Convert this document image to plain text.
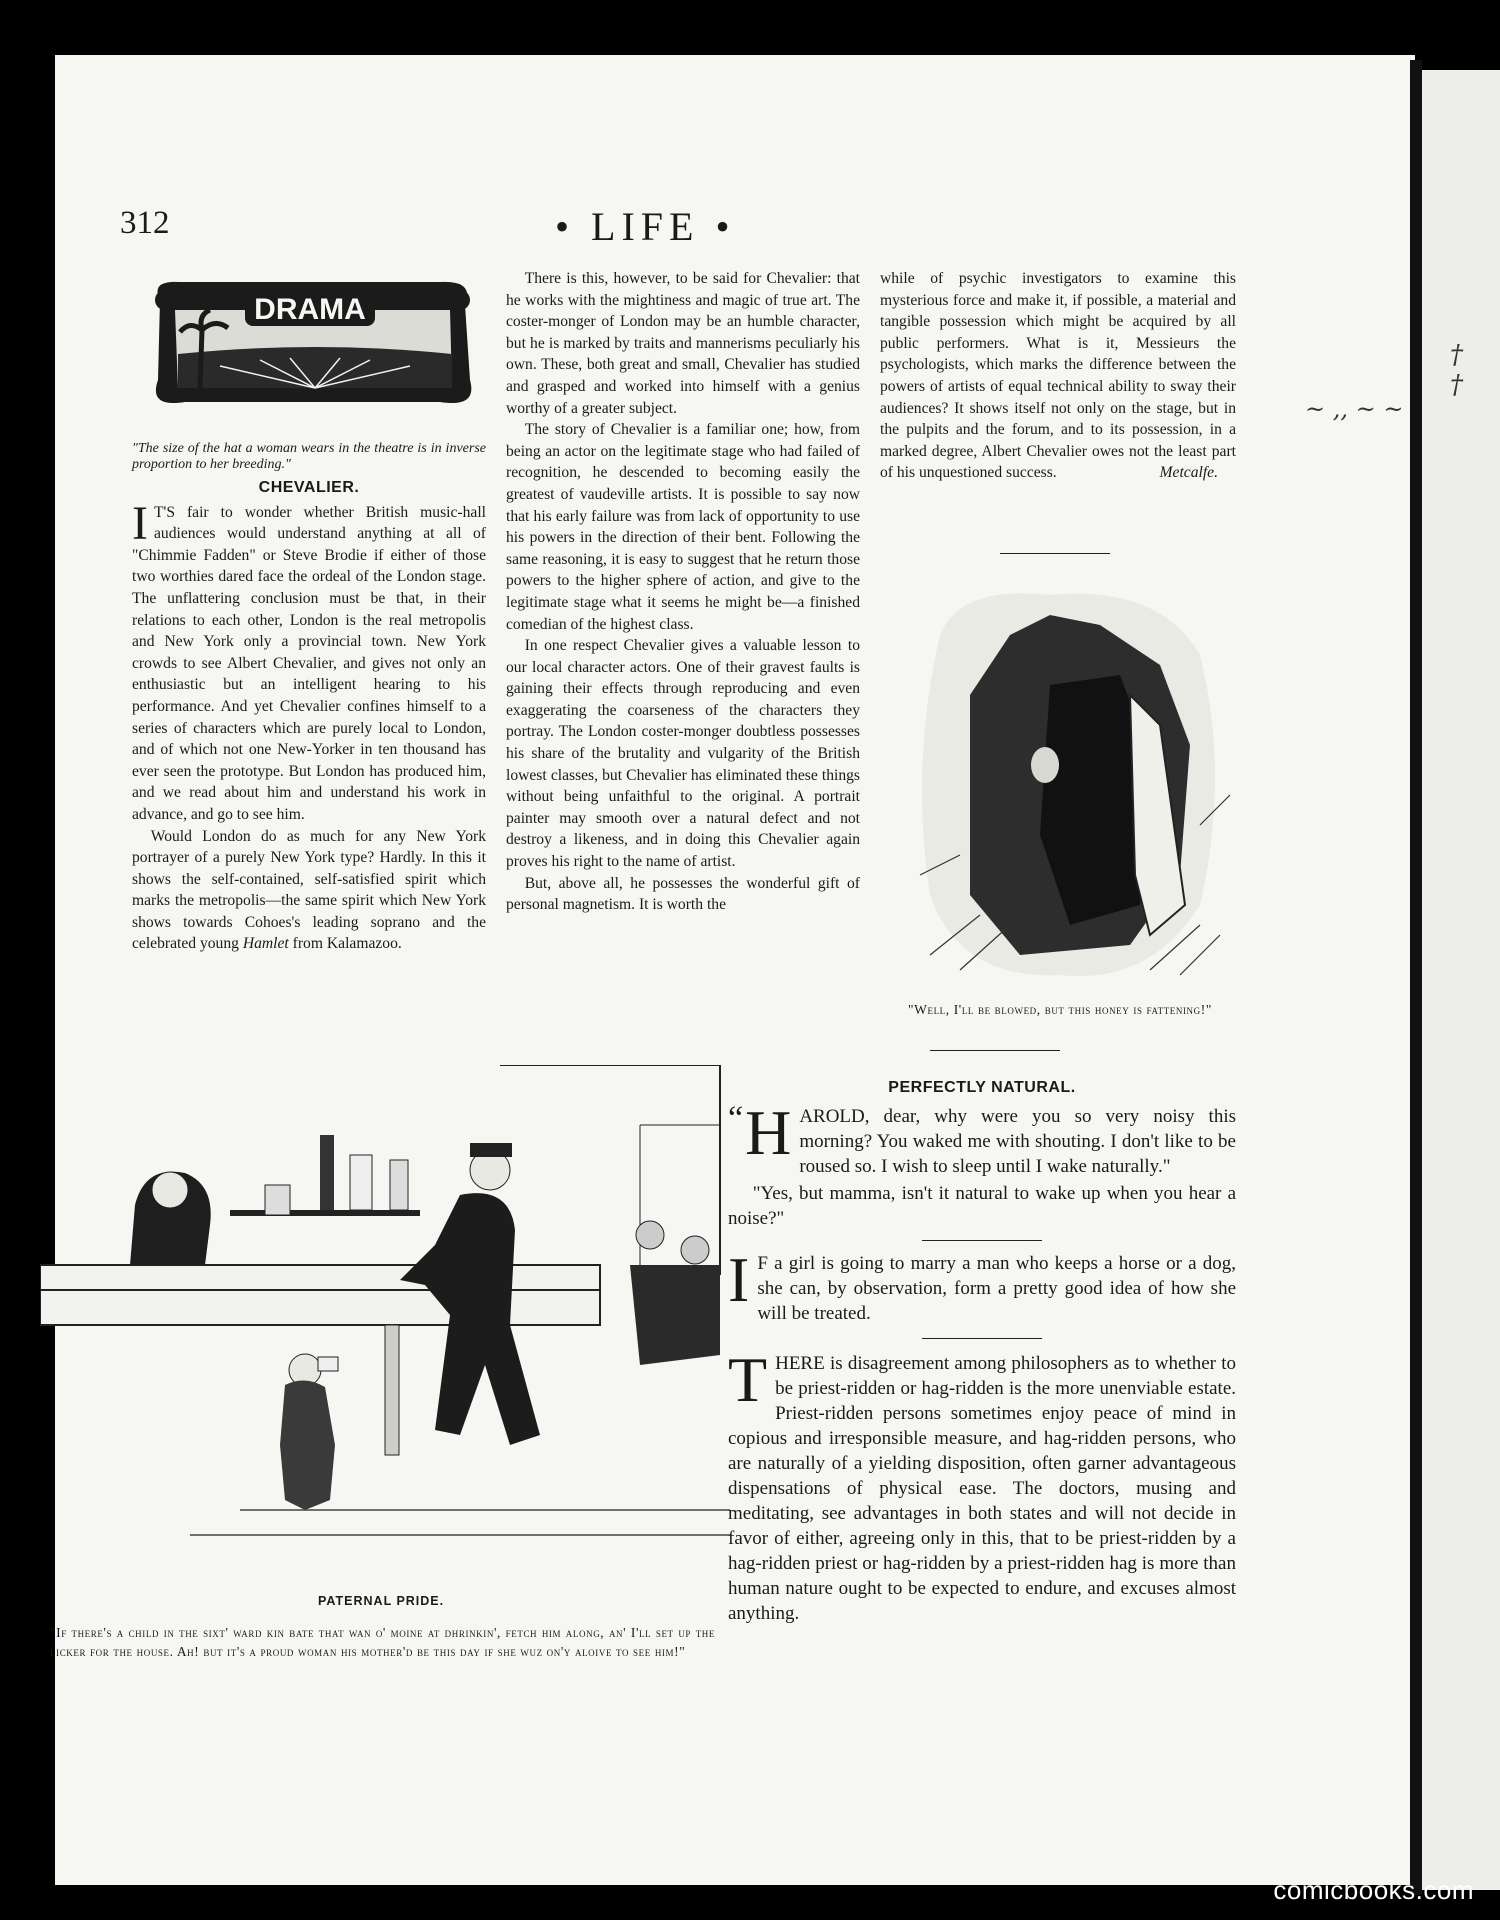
†
†
~ ,, ~ ~
312	• LIFE •
DRAMA

"The size of the hat a woman wears in the theatre is in inverse proportion to her breeding."

CHEVALIER.

I T'S fair to wonder whether British music-hall audiences would understand anything at all of "Chimmie Fadden" or Steve Brodie if either of those two worthies dared face the ordeal of the London stage. The unflattering conclusion must be that, in their relations to each other, London is the real metropolis and New York only a provincial town. New York crowds to see Albert Chevalier, and gives not only an enthusiastic but an intelligent hearing to his performance. And yet Chevalier confines himself to a series of characters which are purely local to London, and of which not one New-Yorker in ten thousand has ever seen the prototype. But London has produced him, and we read about him and understand his work in advance, and go to see him.

Would London do as much for any New York portrayer of a purely New York type? Hardly. In this it shows the self-contained, self-satisfied spirit which marks the metropolis—the same spirit which New York shows towards Cohoes's leading soprano and the celebrated young Hamlet from Kalamazoo.

There is this, however, to be said for Chevalier: that he works with the mightiness and magic of true art. The coster-monger of London may be an humble character, but he is marked by traits and mannerisms peculiarly his own. These, both great and small, Chevalier has studied and grasped and worked into himself with a genius worthy of a greater subject.

The story of Chevalier is a familiar one; how, from being an actor on the legitimate stage who had failed of recognition, he descended to becoming easily the greatest of vaudeville artists. It is possible to say now that his early failure was from lack of opportunity to use his powers in the direction of their bent. Following the same reasoning, it is easy to suggest that he return those powers to the higher sphere of action, and give to the legitimate stage what it seems he might be—a finished comedian of the highest class.

In one respect Chevalier gives a valuable lesson to our local character actors. One of their gravest faults is gaining their effects through reproducing and even exaggerating the coarseness of the characters they portray. The London coster-monger doubtless possesses his share of the brutality and vulgarity of the British lowest classes, but Chevalier has eliminated these things without being unfaithful to the original. A portrait painter may smooth over a natural defect and not destroy a likeness, and in doing this Chevalier again proves his right to the name of artist.

But, above all, he possesses the wonderful gift of personal magnetism. It is worth the

while of psychic investigators to examine this mysterious force and make it, if possible, a material and tangible possession which might be acquired by all public performers. What is it, Messieurs the psychologists, which marks the difference between the powers of artists of equal technical ability to sway their audiences? It shows itself not only on the stage, but in the pulpits and the forum, and to its possession, in a marked degree, Albert Chevalier owes not the least part of his unquestioned success.	Metcalfe.

"Well, I'll be blowed, but this honey is fattening!"
PATERNAL PRIDE.
"If there's a child in the sixt' ward kin bate that wan o' moine at dhrinkin', fetch him along, an' I'll set up the licker for the house. Ah! but it's a proud woman his mother'd be this day if she wuz on'y aloive to see him!"
PERFECTLY NATURAL.

“ H AROLD, dear, why were you so very noisy this morning? You waked me with shouting. I don't like to be roused so. I wish to sleep until I wake naturally."

"Yes, but mamma, isn't it natural to wake up when you hear a noise?"

I F a girl is going to marry a man who keeps a horse or a dog, she can, by observation, form a pretty good idea of how she will be treated.

THERE is disagreement among philosophers as to whether to be priest-ridden or hag-ridden is the more unenviable estate. Priest-ridden persons sometimes enjoy peace of mind in copious and irresponsible measure, and hag-ridden persons, who are naturally of a yielding disposition, often garner advantageous dispensations of physical ease. The doctors, musing and meditating, see advantages in both states and will not decide in favor of either, agreeing only in this, that to be priest-ridden by a hag-ridden priest or hag-ridden by a priest-ridden hag is more than human nature ought to be expected to endure, and excuses almost anything.

comicbooks.com
